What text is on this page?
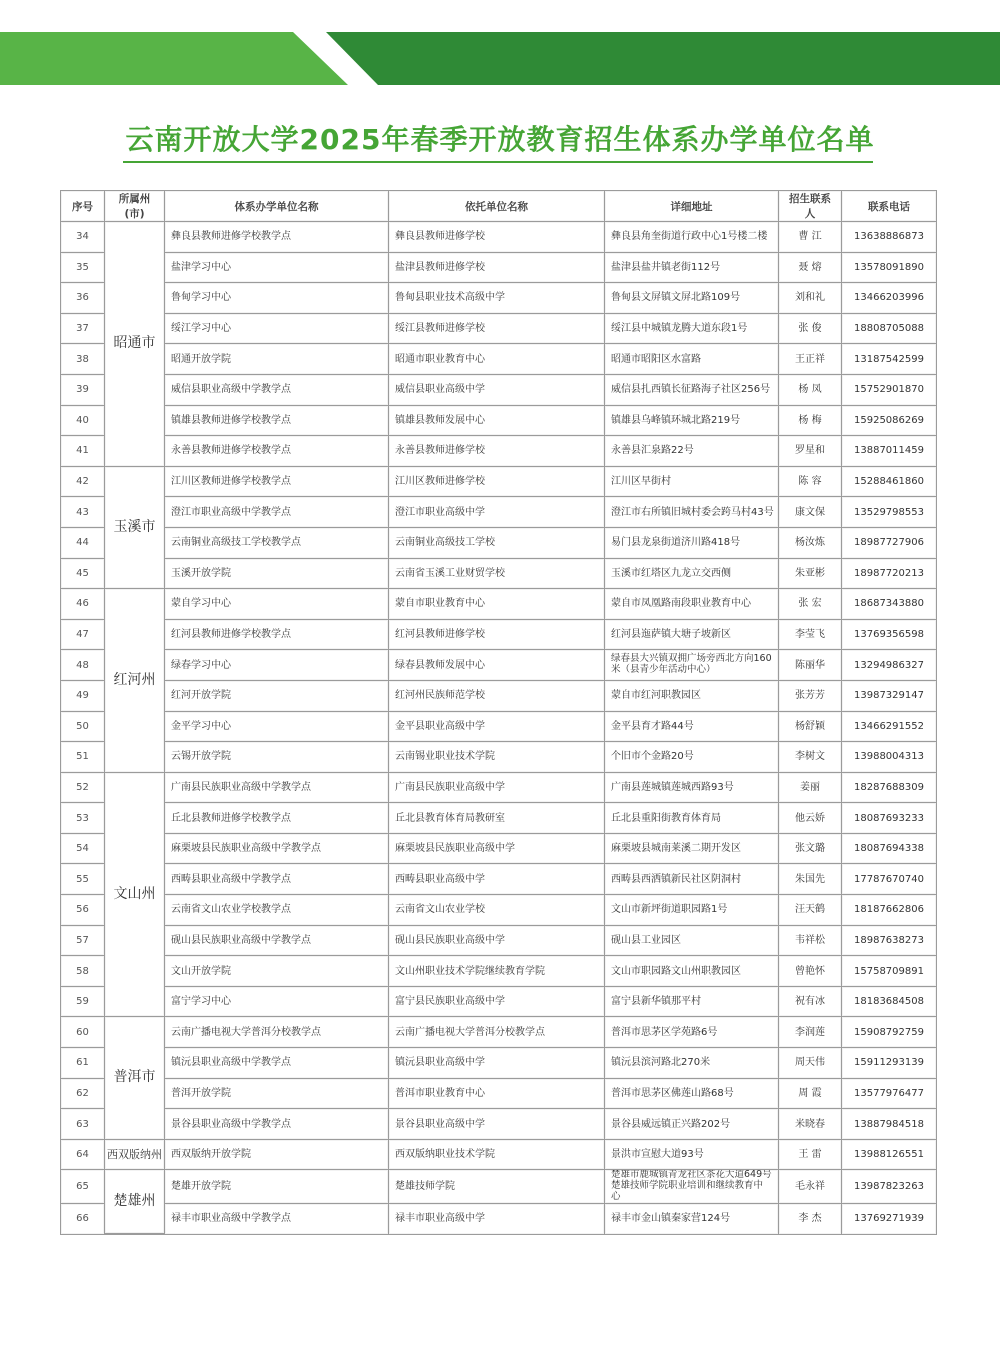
云南开放大学2025年春季开放教育招生体系办学单位名单
序号	所属州(市)	体系办学单位名称	依托单位名称	详细地址	招生联系人	联系电话
34	昭通市	彝良县教师进修学校教学点	彝良县教师进修学校	彝良县角奎街道行政中心1号楼二楼	曹 江	13638886873
35		盐津学习中心	盐津县教师进修学校	盐津县盐井镇老街112号	聂 熔	13578091890
36		鲁甸学习中心	鲁甸县职业技术高级中学	鲁甸县文屏镇文屏北路109号	刘和礼	13466203996
37		绥江学习中心	绥江县教师进修学校	绥江县中城镇龙腾大道东段1号	张 俊	18808705088
38		昭通开放学院	昭通市职业教育中心	昭通市昭阳区水富路	王正祥	13187542599
39		威信县职业高级中学教学点	威信县职业高级中学	威信县扎西镇长征路海子社区256号	杨 凤	15752901870
40		镇雄县教师进修学校教学点	镇雄县教师发展中心	镇雄县乌峰镇环城北路219号	杨 梅	15925086269
41		永善县教师进修学校教学点	永善县教师进修学校	永善县汇泉路22号	罗星和	13887011459
42	玉溪市	江川区教师进修学校教学点	江川区教师进修学校	江川区早街村	陈 容	15288461860
43		澄江市职业高级中学教学点	澄江市职业高级中学	澄江市右所镇旧城村委会跨马村43号	康文保	13529798553
44		云南铜业高级技工学校教学点	云南铜业高级技工学校	易门县龙泉街道济川路418号	杨汝炼	18987727906
45		玉溪开放学院	云南省玉溪工业财贸学校	玉溪市红塔区九龙立交西侧	朱亚彬	18987720213
46	红河州	蒙自学习中心	蒙自市职业教育中心	蒙自市凤凰路南段职业教育中心	张 宏	18687343880
47		红河县教师进修学校教学点	红河县教师进修学校	红河县迤萨镇大塘子坡新区	李莹飞	13769356598
48		绿春学习中心	绿春县教师发展中心	绿春县大兴镇双拥广场旁西北方向160米（县青少年活动中心）	陈丽华	13294986327
49		红河开放学院	红河州民族师范学校	蒙自市红河职教园区	张芳芳	13987329147
50		金平学习中心	金平县职业高级中学	金平县育才路44号	杨舒颖	13466291552
51		云锡开放学院	云南锡业职业技术学院	个旧市个金路20号	李树文	13988004313
52	文山州	广南县民族职业高级中学教学点	广南县民族职业高级中学	广南县莲城镇莲城西路93号	姜丽	18287688309
53		丘北县教师进修学校教学点	丘北县教育体育局教研室	丘北县重阳街教育体育局	他云娇	18087693233
54		麻栗坡县民族职业高级中学教学点	麻栗坡县民族职业高级中学	麻栗坡县城南莱溪二期开发区	张文璐	18087694338
55		西畴县职业高级中学教学点	西畴县职业高级中学	西畴县西洒镇新民社区阴洞村	朱国先	17787670740
56		云南省文山农业学校教学点	云南省文山农业学校	文山市新坪街道职园路1号	汪天鹤	18187662806
57		砚山县民族职业高级中学教学点	砚山县民族职业高级中学	砚山县工业园区	韦祥松	18987638273
58		文山开放学院	文山州职业技术学院继续教育学院	文山市职园路文山州职教园区	曾艳怀	15758709891
59		富宁学习中心	富宁县民族职业高级中学	富宁县新华镇那平村	祝有冰	18183684508
60	普洱市	云南广播电视大学普洱分校教学点	云南广播电视大学普洱分校教学点	普洱市思茅区学苑路6号	李润莲	15908792759
61		镇沅县职业高级中学教学点	镇沅县职业高级中学	镇沅县滨河路北270米	周天伟	15911293139
62		普洱开放学院	普洱市职业教育中心	普洱市思茅区佛莲山路68号	周 霞	13577976477
63		景谷县职业高级中学教学点	景谷县职业高级中学	景谷县威远镇正兴路202号	米晓春	13887984518
64	西双版纳州	西双版纳开放学院	西双版纳职业技术学院	景洪市宣慰大道93号	王 雷	13988126551
65	楚雄州	楚雄开放学院	楚雄技师学院	楚雄市鹿城镇青龙社区茶花大道649号楚雄技师学院职业培训和继续教育中心	毛永祥	13987823263
66		禄丰市职业高级中学教学点	禄丰市职业高级中学	禄丰市金山镇秦家营124号	李 杰	13769271939
